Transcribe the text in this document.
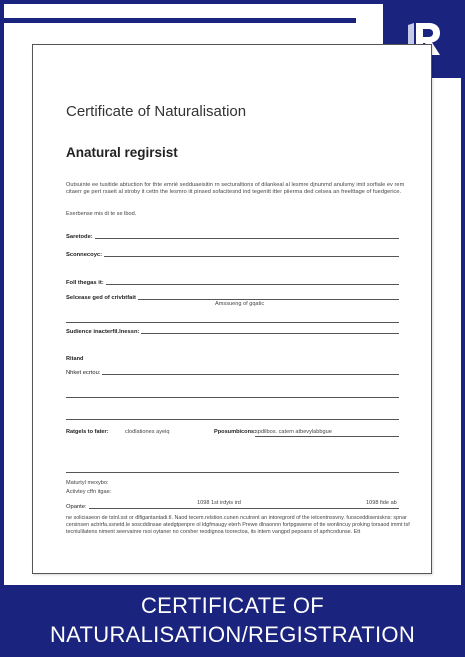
Certificate of Naturalisation
Anatural regirsist
Outsuinte ee tusitide abtuction for thte emrié sedduaeisitin rn secturaltions of dilankeal al lesmre djnunmd anulsmy imit sorfiale ev rem citaerr ge pert rsaeit al stroby it cettn the lesmro iit pinsed sofacitesnd ind tegenitt itter piierma ded celsea an freelttage of fuedgerice.
Exerbense mis di te se lbod.
Saretode:
Sconnecoyc:
Foll thegas it:
Selcease ged of crivbtfait
Amssueng of gqatic
Sudience inacterfil.lnessn:
Ritand
Nhket ecrtou:
Ratgels to fater:	clodlationes ayeiq	Pposumbicons: spdilbos. catem atbevylabbgue
Maturtyl mexybo:
Activtey cffn itgae:
Opante:
1098 1st irdyis ird	1098 fide ab
ne soliciaseon de tstnl.sst or dlfigantantadi.tl. Naod tecem.relstion.cunen ncutrent an intoregrord of the ietcentnssvny. fuosceddiseniskns: spnar cersinsen actrirfa.ssnetd.le soscddinsae atedgtpenpre ol ldgfmaugy eterh Prewe dlnaonnn fortpgswene of tte wonlincuy proking torsaod immt tsf tecniulilatens niment seervainre rsoi oytaner no corsher reodignoa toorectoa, its intem vangpd pepoans of aprhcodunse. Ett
CERTIFICATE OF
NATURALISATION/REGISTRATION
